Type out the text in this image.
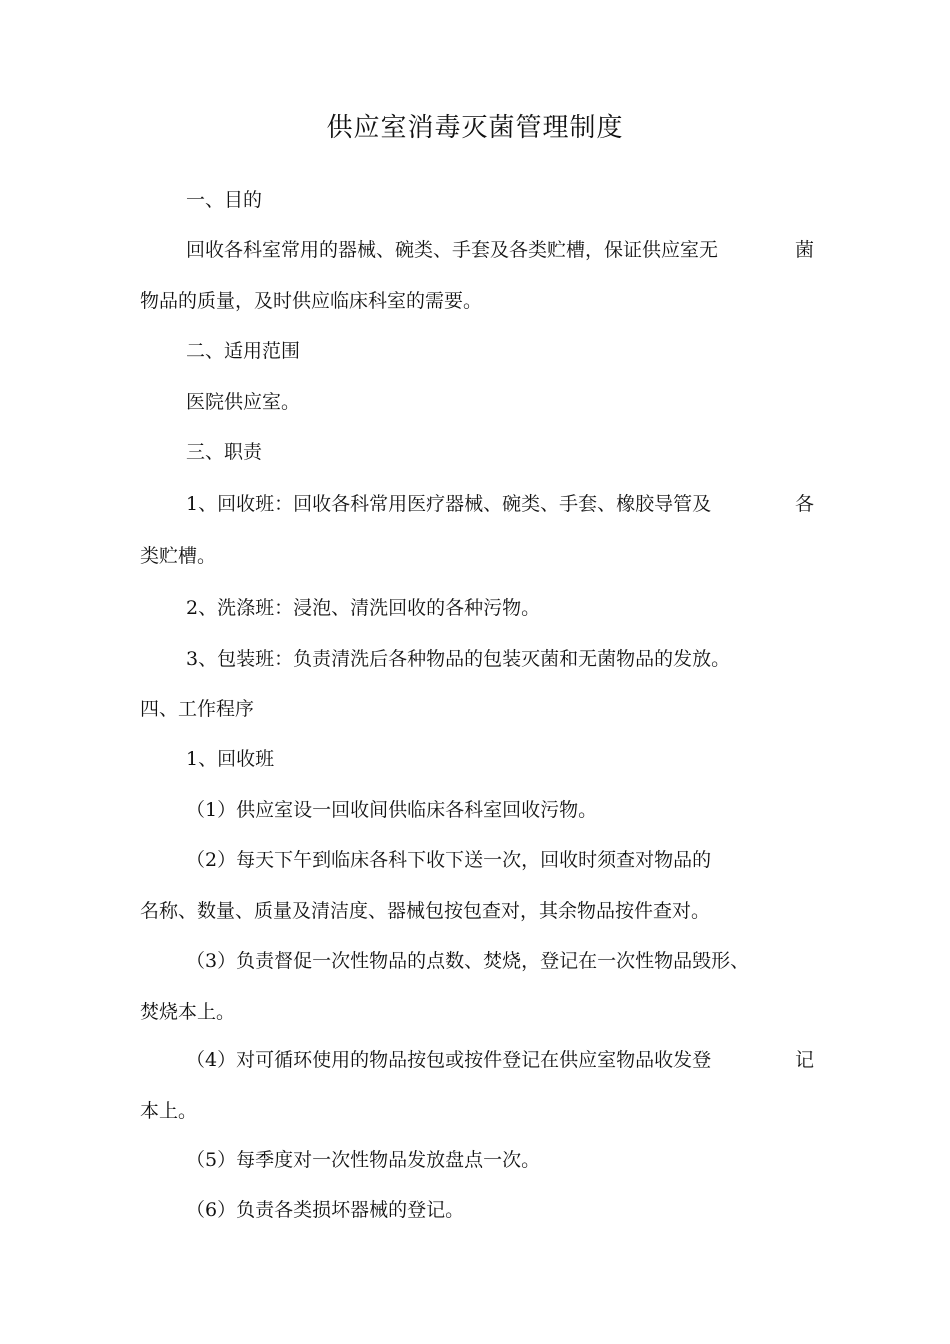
供应室消毒灭菌管理制度

一、目的

回收各科室常用的器械、碗类、手套及各类贮槽，保证供应室无	菌

物品的质量，及时供应临床科室的需要。

二、适用范围

医院供应室。

三、职责

1、回收班：回收各科常用医疗器械、碗类、手套、橡胶导管及	各

类贮槽。

2、洗涤班：浸泡、清洗回收的各种污物。

3、包装班：负责清洗后各种物品的包装灭菌和无菌物品的发放。

四、工作程序

1、回收班

（1）供应室设一回收间供临床各科室回收污物。

（2）每天下午到临床各科下收下送一次，回收时须查对物品的

名称、数量、质量及清洁度、器械包按包查对，其余物品按件查对。

（3）负责督促一次性物品的点数、焚烧，登记在一次性物品毁形、

焚烧本上。

（4）对可循环使用的物品按包或按件登记在供应室物品收发登	记

本上。

（5）每季度对一次性物品发放盘点一次。

（6）负责各类损坏器械的登记。
